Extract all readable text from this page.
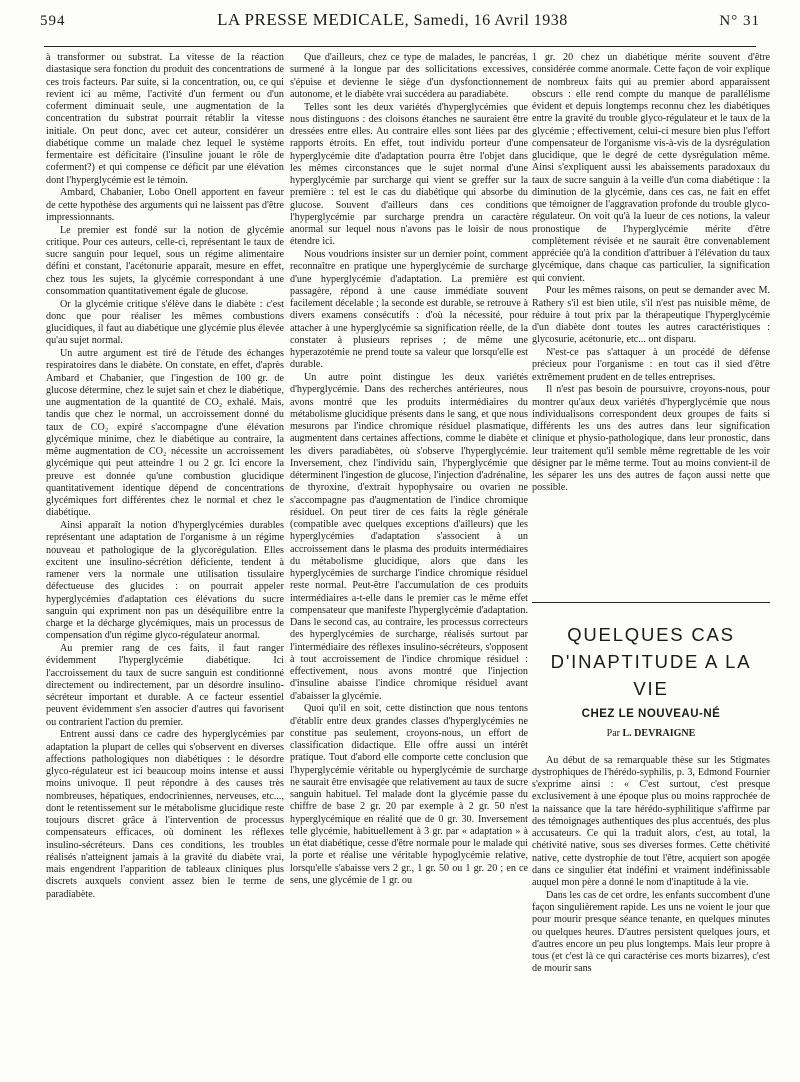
594	LA PRESSE MEDICALE, Samedi, 16 Avril 1938	N° 31

à transformer ou substrat. La vitesse de la réaction diastasique sera fonction du produit des concentrations de ces trois facteurs. Par suite, si la concentration, ou, ce qui revient ici au même, l'activité d'un ferment ou d'un coferment diminuait seule, une augmentation de la concentration du substrat pourrait rétablir la vitesse initiale. On peut donc, avec cet auteur, considérer un diabétique comme un malade chez lequel le système fermentaire est déficitaire (l'insuline jouant le rôle de coferment?) et qui compense ce déficit par une élévation dont l'hyperglycémie est le témoin.

Ambard, Chabanier, Lobo Onell apportent en faveur de cette hypothèse des arguments qui ne laissent pas d'être impressionnants.

Le premier est fondé sur la notion de glycémie critique. Pour ces auteurs, celle-ci, représentant le taux de sucre sanguin pour lequel, sous un régime alimentaire défini et constant, l'acétonurie apparaît, mesure en effet, chez tous les sujets, la glycémie correspondant à une consommation quantitativement égale de glucose.

Or la glycémie critique s'élève dans le diabète : c'est donc que pour réaliser les mêmes combustions glucidiques, il faut au diabétique une glycémie plus élevée qu'au sujet normal.

Un autre argument est tiré de l'étude des échanges respiratoires dans le diabète. On constate, en effet, d'après Ambard et Chabanier, que l'ingestion de 100 gr. de glucose détermine, chez le sujet sain et chez le diabétique, une augmentation de la quantité de CO₂ exhalé. Mais, tandis que chez le normal, un accroissement donné du taux de CO₂ expiré s'accompagne d'une élévation glycémique minime, chez le diabétique au contraire, la même augmentation de CO₂ nécessite un accroissement glycémique qui peut atteindre 1 ou 2 gr. Ici encore la preuve est donnée qu'une combustion glucidique quantitativement identique dépend de concentrations glycémiques fort différentes chez le normal et chez le diabétique.

Ainsi apparaît la notion d'hyperglycémies durables représentant une adaptation de l'organisme à un régime nouveau et pathologique de la glycorégulation. Elles excitent une insulino-sécrétion déficiente, tendent à ramener vers la normale une utilisation tissulaire défectueuse des glucides : on pourrait appeler hyperglycémies d'adaptation ces élévations du sucre sanguin qui expriment non pas un déséquilibre entre la charge et la décharge glycémiques, mais un processus de compensation d'un régime glyco-régulateur anormal.

Au premier rang de ces faits, il faut ranger évidemment l'hyperglycémie diabétique. Ici l'accroissement du taux de sucre sanguin est conditionné directement ou indirectement, par un désordre insulino-sécréteur important et durable. A ce facteur essentiel peuvent évidemment s'en associer d'autres qui favorisent ou contrarient l'action du premier.

Entrent aussi dans ce cadre des hyperglycémies par adaptation la plupart de celles qui s'observent en diverses affections pathologiques non diabétiques : le désordre glyco-régulateur est ici beaucoup moins intense et aussi moins univoque. Il peut répondre à des causes très nombreuses, hépatiques, endocriniennes, nerveuses, etc..., dont le retentissement sur le métabolisme glucidique reste toujours discret grâce à l'intervention de processus compensateurs efficaces, où dominent les réflexes insulino-sécréteurs. Dans ces conditions, les troubles réalisés n'atteignent jamais à la gravité du diabète vrai, mais engendrent l'apparition de tableaux cliniques plus discrets auxquels convient assez bien le terme de paradiabète.

Que d'ailleurs, chez ce type de malades, le pancréas, surmené à la longue par des sollicitations excessives, s'épuise et devienne le siège d'un dysfonctionnement autonome, et le diabète vrai succédera au paradiabète.

Telles sont les deux variétés d'hyperglycémies que nous distinguons : des cloisons étanches ne sauraient être dressées entre elles. Au contraire elles sont liées par des rapports étroits. En effet, tout individu porteur d'une hyperglycémie dite d'adaptation pourra être l'objet dans les mêmes circonstances que le sujet normal d'une hyperglycémie par surcharge qui vient se greffer sur la première : tel est le cas du diabétique qui absorbe du glucose. Souvent d'ailleurs dans ces conditions l'hyperglycémie par surcharge prendra un caractère anormal sur lequel nous n'avons pas le loisir de nous étendre ici.

Nous voudrions insister sur un dernier point, comment reconnaître en pratique une hyperglycémie de surcharge d'une hyperglycémie d'adaptation. La première est passagère, répond à une cause immédiate souvent facilement décelable ; la seconde est durable, se retrouve à divers examens consécutifs : d'où la nécessité, pour attacher à une hyperglycémie sa signification réelle, de la constater à plusieurs reprises ; de même une hyperazotémie ne prend toute sa valeur que lorsqu'elle est durable.

Un autre point distingue les deux variétés d'hyperglycémie. Dans des recherches antérieures, nous avons montré que les produits intermédiaires du métabolisme glucidique présents dans le sang, et que nous mesurons par l'indice chromique résiduel plasmatique, augmentent dans certaines affections, comme le diabète et les divers paradiabètes, où s'observe l'hyperglycémie. Inversement, chez l'individu sain, l'hyperglycémie que déterminent l'ingestion de glucose, l'injection d'adrénaline, de thyroxine, d'extrait hypophysaire ou ovarien ne s'accompagne pas d'augmentation de l'indice chromique résiduel. On peut tirer de ces faits la règle générale (compatible avec quelques exceptions d'ailleurs) que les hyperglycémies d'adaptation s'associent à un accroissement dans le plasma des produits intermédiaires du métabolisme glucidique, alors que dans les hyperglycémies de surcharge l'indice chromique résiduel reste normal. Peut-être l'accumulation de ces produits intermédiaires a-t-elle dans le premier cas le même effet compensateur que manifeste l'hyperglycémie d'adaptation. Dans le second cas, au contraire, les processus correcteurs des hyperglycémies de surcharge, réalisés surtout par l'intermédiaire des réflexes insulino-sécréteurs, s'opposent à tout accroissement de l'indice chromique résiduel : effectivement, nous avons montré que l'injection d'insuline abaisse l'indice chromique résiduel avant d'abaisser la glycémie.

Quoi qu'il en soit, cette distinction que nous tentons d'établir entre deux grandes classes d'hyperglycémies ne constitue pas seulement, croyons-nous, un effort de classification didactique. Elle offre aussi un intérêt pratique. Tout d'abord elle comporte cette conclusion que l'hyperglycémie véritable ou hyperglycémie de surcharge ne saurait être envisagée que relativement au taux de sucre sanguin habituel. Tel malade dont la glycémie passe du chiffre de base 2 gr. 20 par exemple à 2 gr. 50 n'est hyperglycémique en réalité que de 0 gr. 30. Inversement telle glycémie, habituellement à 3 gr. par « adaptation » à un état diabétique, cesse d'être normale pour le malade qui la porte et réalise une véritable hypoglycémie relative, lorsqu'elle s'abaisse vers 2 gr., 1 gr. 50 ou 1 gr. 20 ; en ce sens, une glycémie de 1 gr. ou

1 gr. 20 chez un diabétique mérite souvent d'être considérée comme anormale. Cette façon de voir explique de nombreux faits qui au premier abord apparaissent obscurs : elle rend compte du manque de parallélisme évident et depuis longtemps reconnu chez les diabétiques entre la gravité du trouble glyco-régulateur et le taux de la glycémie ; effectivement, celui-ci mesure bien plus l'effort compensateur de l'organisme vis-à-vis de la dysrégulation glucidique, que le degré de cette dysrégulation même. Ainsi s'expliquent aussi les abaissements paradoxaux du taux de sucre sanguin à la veille d'un coma diabétique : la diminution de la glycémie, dans ces cas, ne fait en effet que témoigner de l'aggravation profonde du trouble glyco-régulateur. On voit qu'à la lueur de ces notions, la valeur pronostique de l'hyperglycémie mérite d'être complètement révisée et ne saurait être convenablement appréciée qu'à la condition d'attribuer à l'élévation du taux glycémique, dans chaque cas particulier, la signification qui convient.

Pour les mêmes raisons, on peut se demander avec M. Rathery s'il est bien utile, s'il n'est pas nuisible même, de réduire à tout prix par la thérapeutique l'hyperglycémie d'un diabète dont toutes les autres caractéristiques : glycosurie, acétonurie, etc... ont disparu.

N'est-ce pas s'attaquer à un procédé de défense précieux pour l'organisme : en tout cas il sied d'être extrêmement prudent en de telles entreprises.

Il n'est pas besoin de poursuivre, croyons-nous, pour montrer qu'aux deux variétés d'hyperglycémie que nous individualisons correspondent deux groupes de faits si différents les uns des autres dans leur signification clinique et physio-pathologique, dans leur pronostic, dans leur traitement qu'il semble même regrettable de les voir désigner par le même terme. Tout au moins convient-il de les séparer les uns des autres de façon aussi nette que possible.

QUELQUES CAS
D'INAPTITUDE A LA VIE
CHEZ LE NOUVEAU-NÉ
Par L. DEVRAIGNE

Au début de sa remarquable thèse sur les Stigmates dystrophiques de l'hérédo-syphilis, p. 3, Edmond Fournier s'exprime ainsi : « C'est surtout, c'est presque exclusivement à une époque plus ou moins rapprochée de la naissance que la tare hérédo-syphilitique s'affirme par des témoignages authentiques des plus accentués, des plus accusateurs. Ce qui la traduit alors, c'est, au total, la chétivité native, sous ses diverses formes. Cette chétivité native, cette dystrophie de tout l'être, acquiert son apogée dans ce singulier état indéfini et vraiment indéfinissable auquel mon père a donné le nom d'inaptitude à la vie.

Dans les cas de cet ordre, les enfants succombent d'une façon singulièrement rapide. Les uns ne voient le jour que pour mourir presque séance tenante, en quelques minutes ou quelques heures. D'autres persistent quelques jours, et d'autres encore un peu plus longtemps. Mais leur propre à tous (et c'est là ce qui caractérise ces morts bizarres), c'est de mourir sans
